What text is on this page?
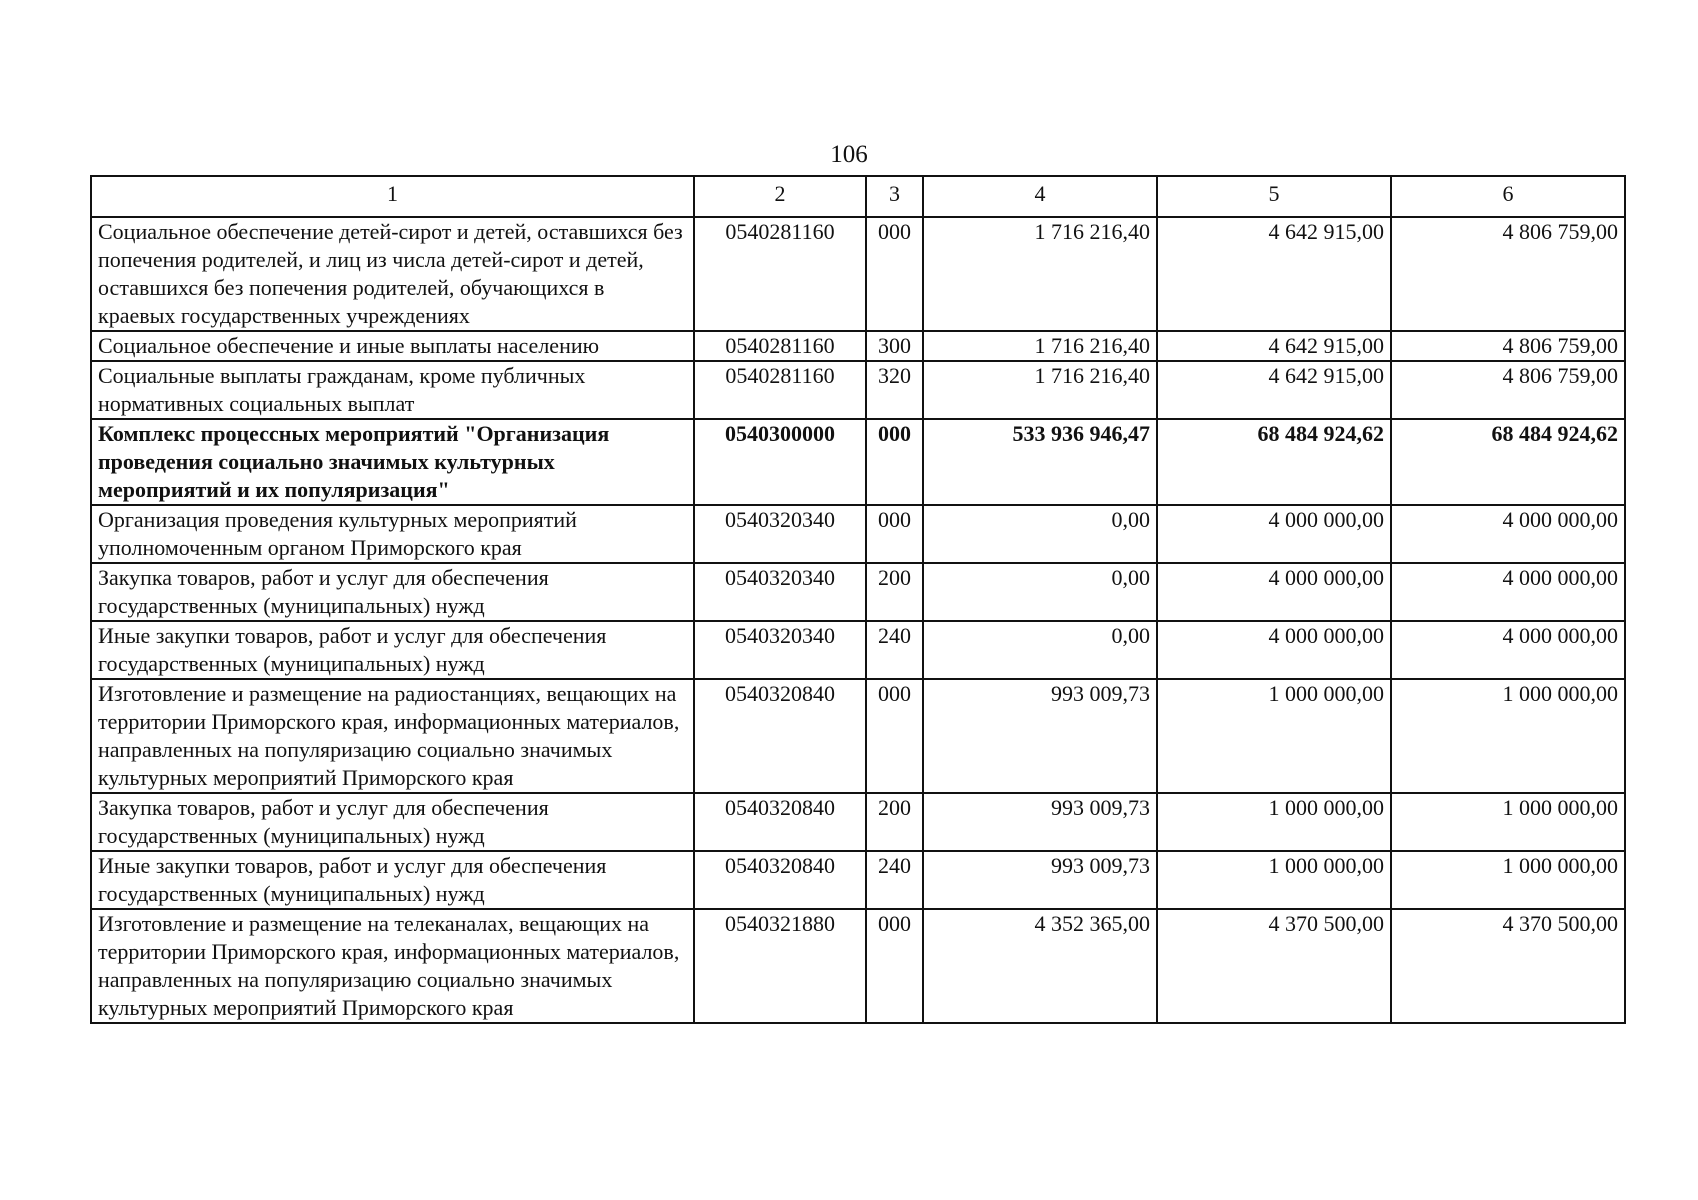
106
1	2	3	4	5	6
Социальное обеспечение детей-сирот и детей, оставшихся без попечения родителей, и лиц из числа детей-сирот и детей, оставшихся без попечения родителей, обучающихся в краевых государственных учреждениях	0540281160	000	1 716 216,40	4 642 915,00	4 806 759,00
Социальное обеспечение и иные выплаты населению	0540281160	300	1 716 216,40	4 642 915,00	4 806 759,00
Социальные выплаты гражданам, кроме публичных нормативных социальных выплат	0540281160	320	1 716 216,40	4 642 915,00	4 806 759,00
Комплекс процессных мероприятий "Организация проведения социально значимых культурных мероприятий и их популяризация"	0540300000	000	533 936 946,47	68 484 924,62	68 484 924,62
Организация проведения культурных мероприятий уполномоченным органом Приморского края	0540320340	000	0,00	4 000 000,00	4 000 000,00
Закупка товаров, работ и услуг для обеспечения государственных (муниципальных) нужд	0540320340	200	0,00	4 000 000,00	4 000 000,00
Иные закупки товаров, работ и услуг для обеспечения государственных (муниципальных) нужд	0540320340	240	0,00	4 000 000,00	4 000 000,00
Изготовление и размещение на радиостанциях, вещающих на территории Приморского края, информационных материалов, направленных на популяризацию социально значимых культурных мероприятий Приморского края	0540320840	000	993 009,73	1 000 000,00	1 000 000,00
Закупка товаров, работ и услуг для обеспечения государственных (муниципальных) нужд	0540320840	200	993 009,73	1 000 000,00	1 000 000,00
Иные закупки товаров, работ и услуг для обеспечения государственных (муниципальных) нужд	0540320840	240	993 009,73	1 000 000,00	1 000 000,00
Изготовление и размещение на телеканалах, вещающих на территории Приморского края, информационных материалов, направленных на популяризацию социально значимых культурных мероприятий Приморского края	0540321880	000	4 352 365,00	4 370 500,00	4 370 500,00
